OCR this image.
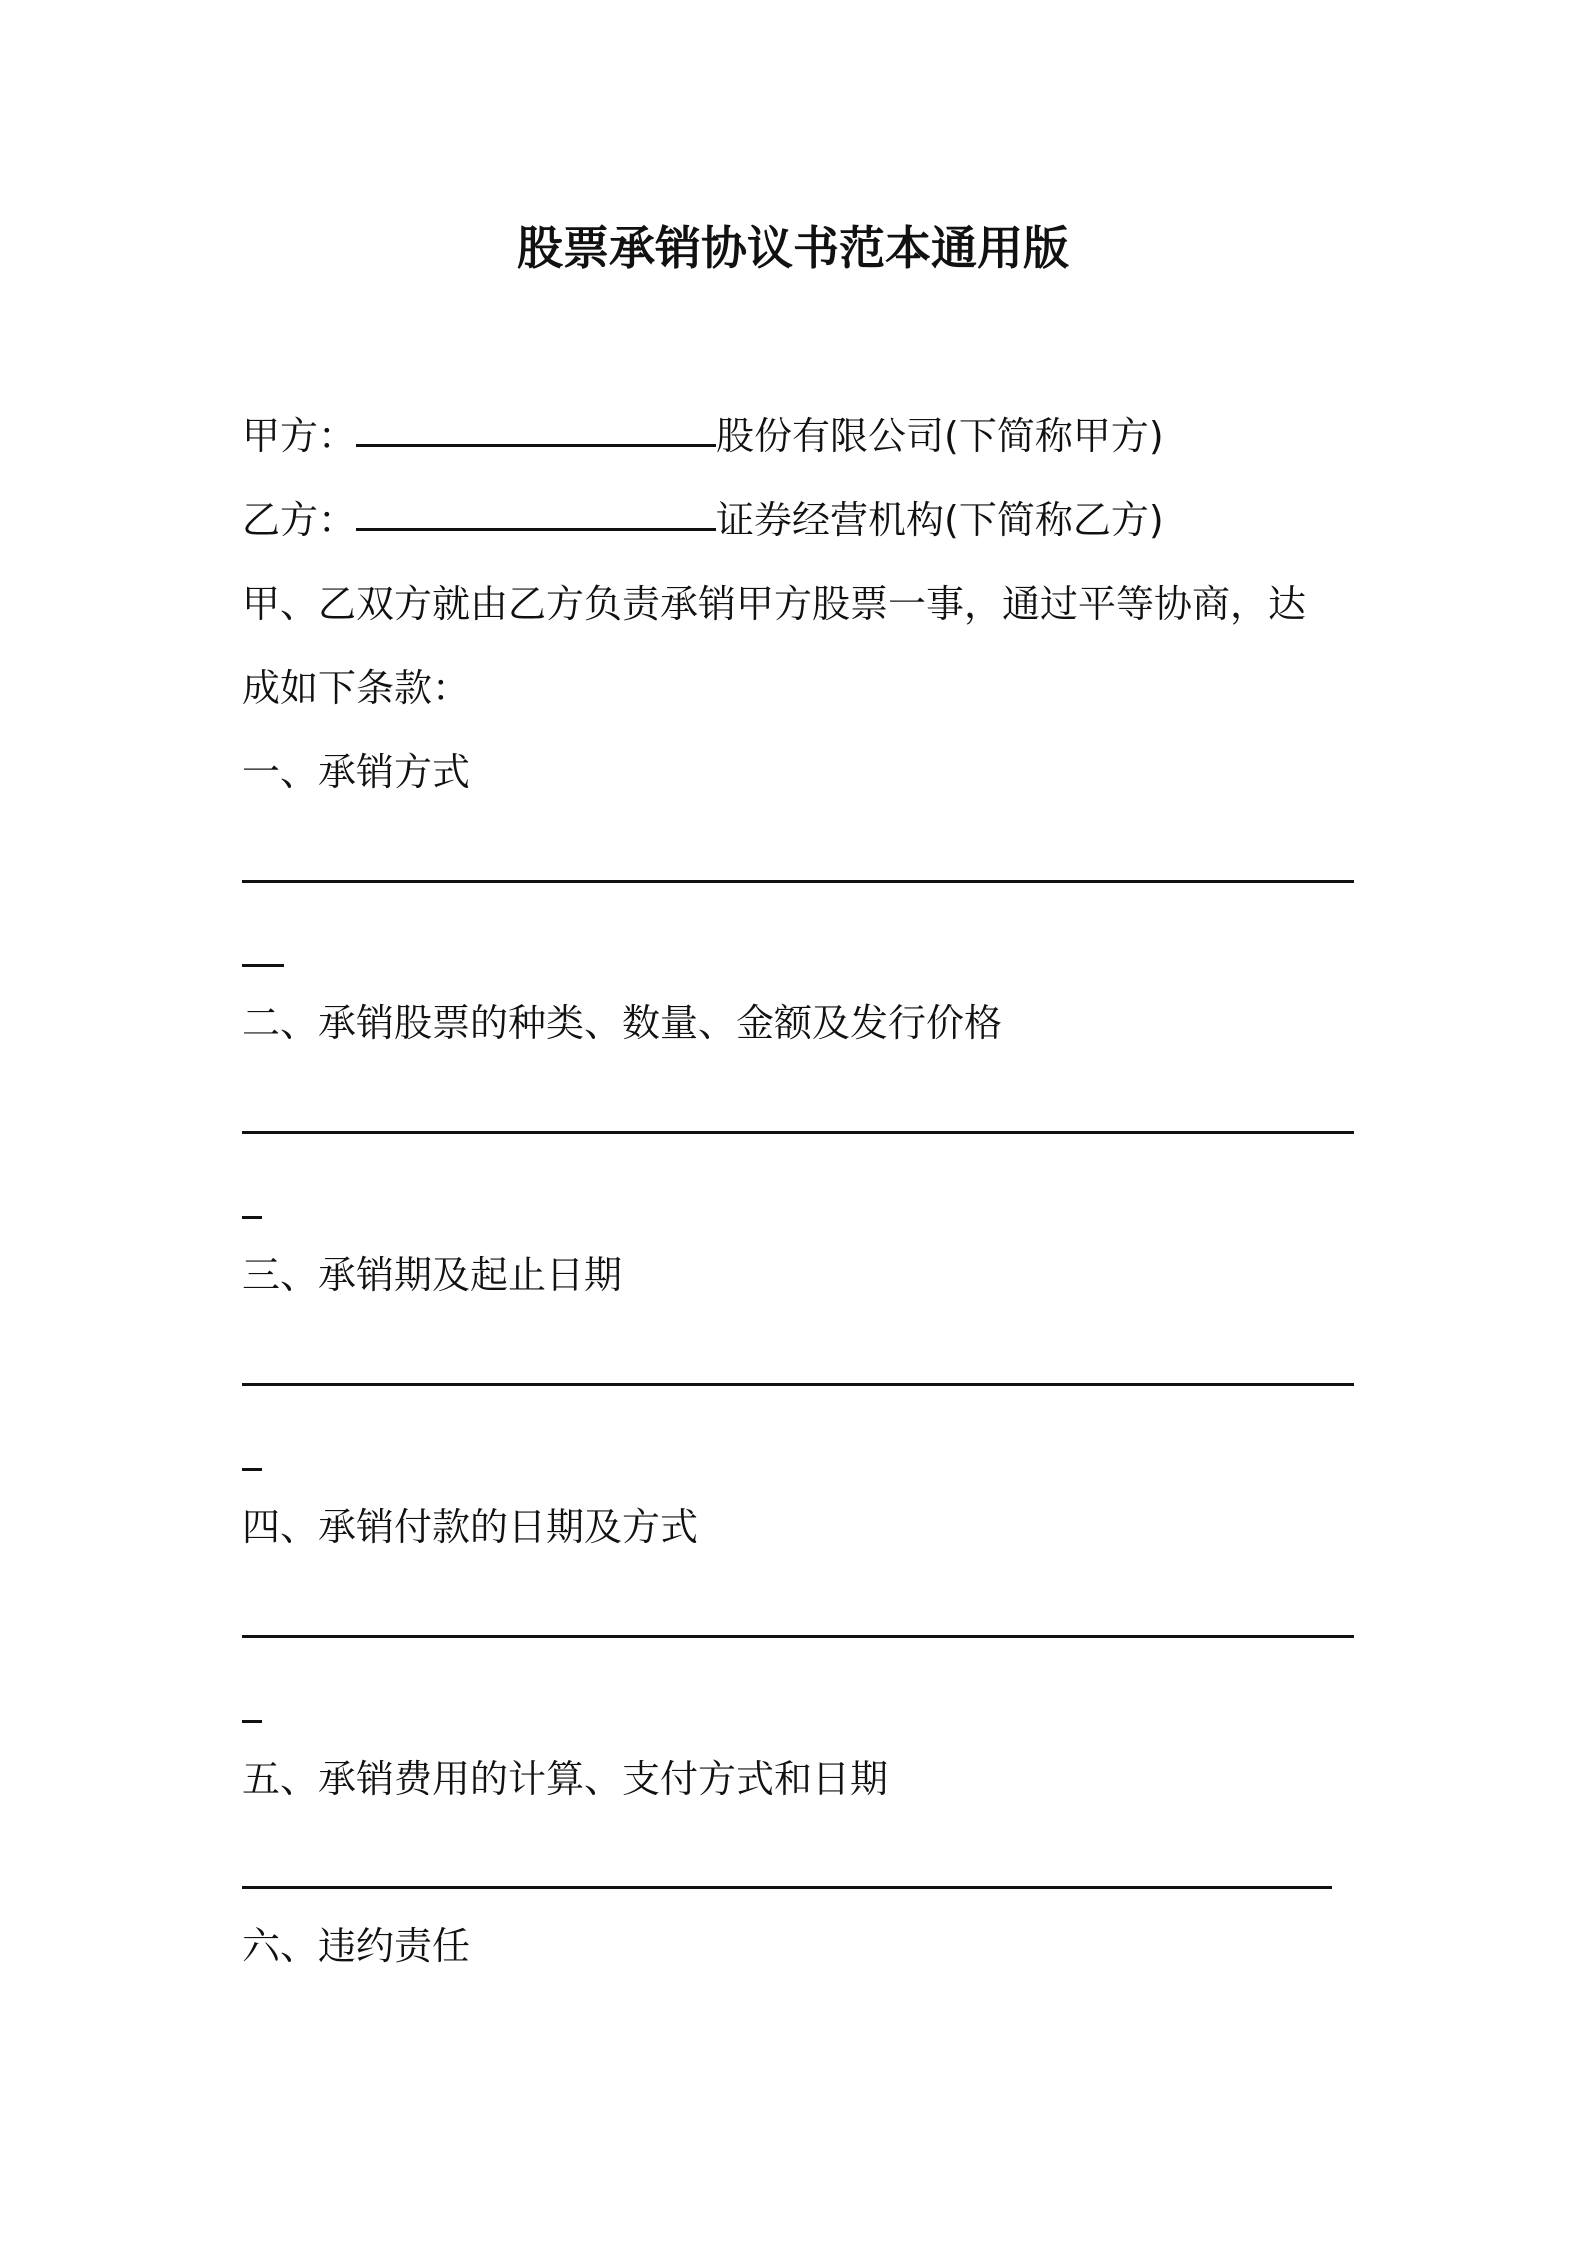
股票承销协议书范本通用版
甲方：	股份有限公司(下简称甲方)
乙方：	证券经营机构(下简称乙方)
甲、乙双方就由乙方负责承销甲方股票一事，通过平等协商，达
成如下条款：
一、承销方式
二、承销股票的种类、数量、金额及发行价格
三、承销期及起止日期
四、承销付款的日期及方式
五、承销费用的计算、支付方式和日期
六、违约责任
